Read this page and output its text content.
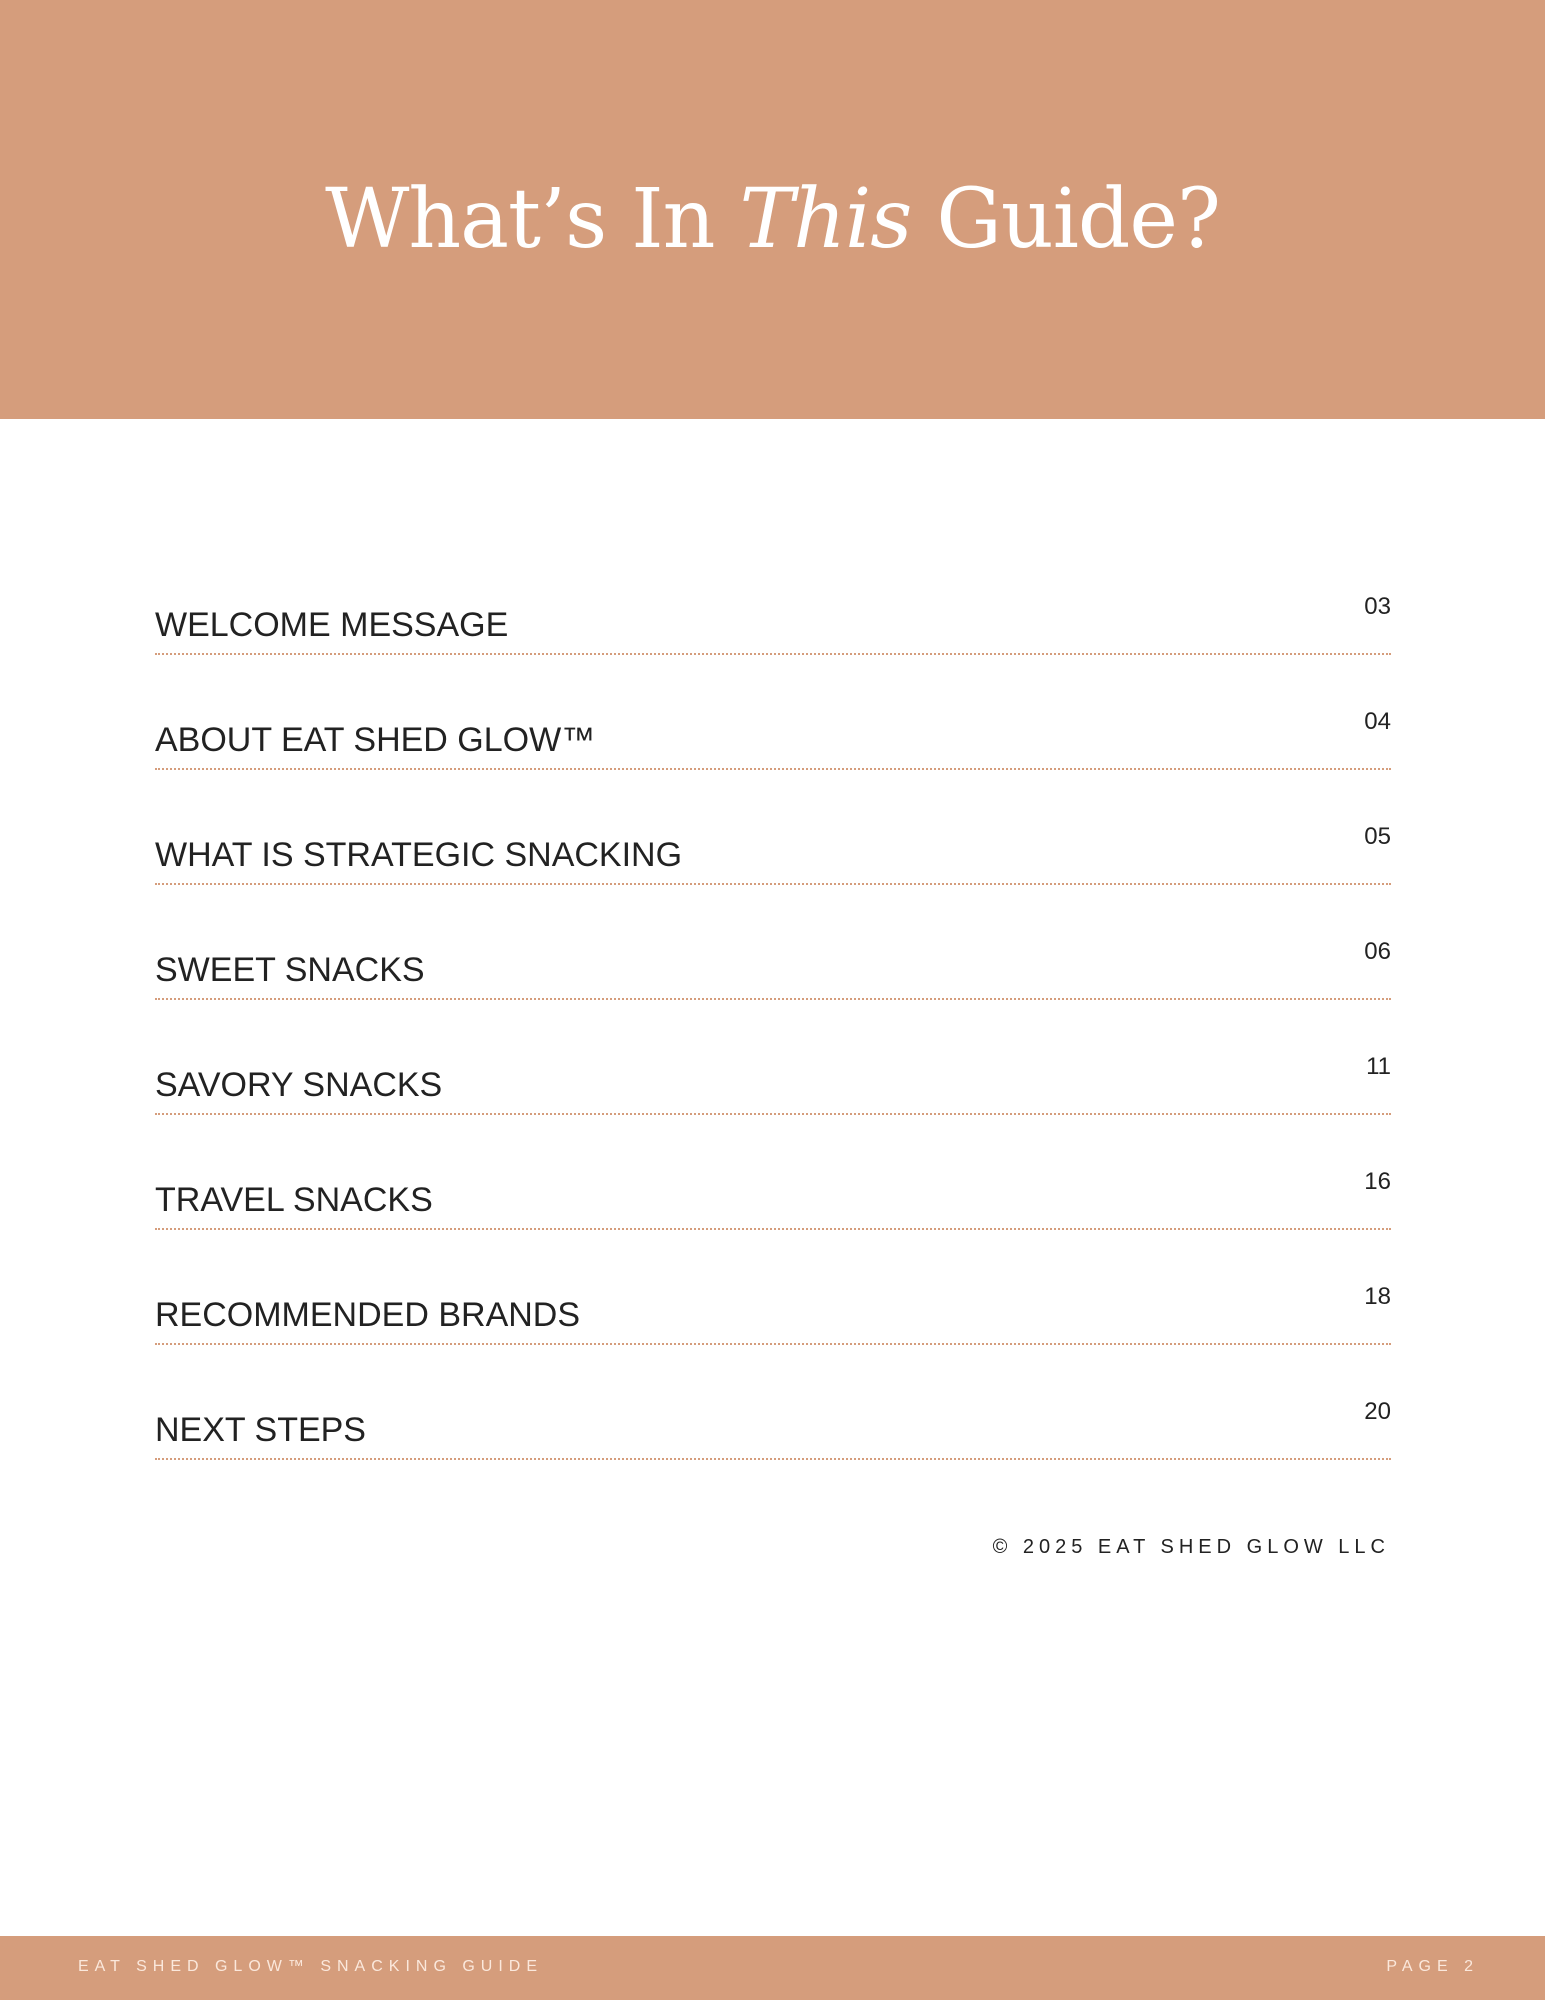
What’s In This Guide?
WELCOME MESSAGE	03
ABOUT EAT SHED GLOW™	04
WHAT IS STRATEGIC SNACKING	05
SWEET SNACKS	06
SAVORY SNACKS	11
TRAVEL SNACKS	16
RECOMMENDED BRANDS	18
NEXT STEPS	20
© 2025 EAT SHED GLOW LLC
EAT SHED GLOW™ SNACKING GUIDE	PAGE 2
